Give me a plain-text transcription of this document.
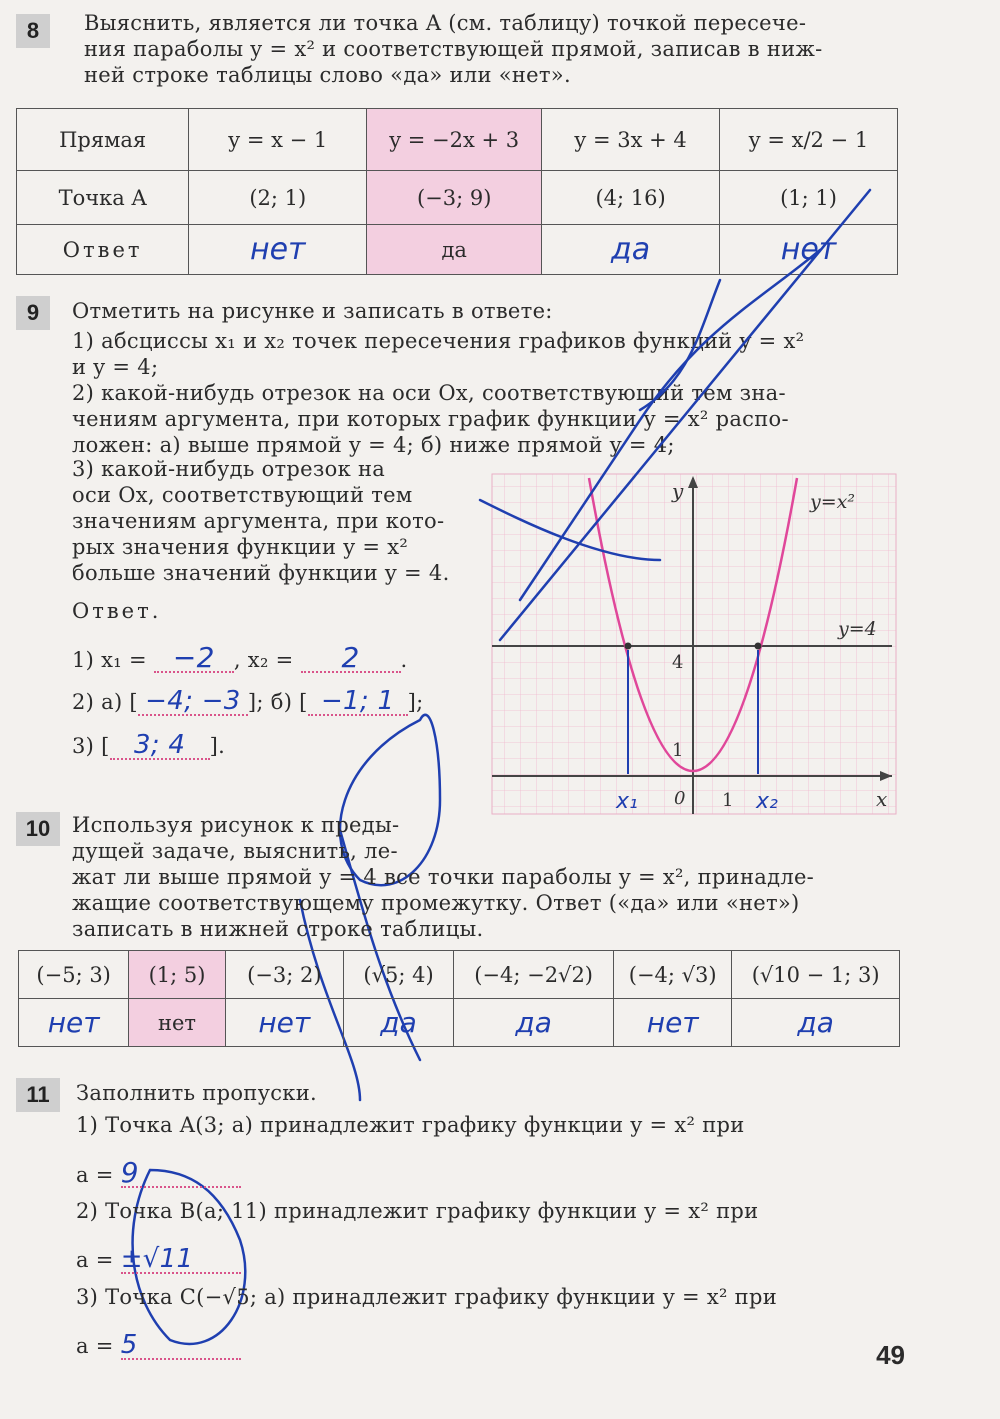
8	Выяснить, является ли точка A (см. таблицу) точкой пересече-
ния параболы y = x² и соответствующей прямой, записав в ниж-
ней строке таблицы слово «да» или «нет».
Прямая	y = x − 1	y = −2x + 3	y = 3x + 4	y = x/2 − 1
Точка A	(2; 1)	(−3; 9)	(4; 16)	(1; 1)
Ответ	нет	да	да	нет
9	Отметить на рисунке и записать в ответе:
1) абсциссы x₁ и x₂ точек пересечения графиков функций y = x²
и y = 4;
2) какой-нибудь отрезок на оси Ox, соответствующий тем зна-
чениям аргумента, при которых график функции y = x² распо-
ложен: а) выше прямой y = 4; б) ниже прямой y = 4;
3) какой-нибудь отрезок на
оси Ox, соответствующий тем
значениям аргумента, при кото-
рых значения функции y = x²
больше значений функции y = 4.
Ответ.
1) x₁ = −2 , x₂ = 2 .
2) а) [ −4; −3 ]; б) [ −1; 1 ];
3) [ 3; 4 ].
y=x²
y=4
y
x
4
1
0 1
x₁	x₂
10	Используя рисунок к преды-
дущей задаче, выяснить, ле-
жат ли выше прямой y = 4 все точки параболы y = x², принадле-
жащие соответствующему промежутку. Ответ («да» или «нет»)
записать в нижней строке таблицы.
(−5; 3)	(1; 5)	(−3; 2)	(√5; 4)	(−4; −2√2)	(−4; √3)	(√10 − 1; 3)
нет	нет	нет	да	да	нет	да
11	Заполнить пропуски.
1) Точка A(3; a) принадлежит графику функции y = x² при
a = 9
2) Точка B(a; 11) принадлежит графику функции y = x² при
a = ±√11
3) Точка C(−√5; a) принадлежит графику функции y = x² при
a = 5	49
